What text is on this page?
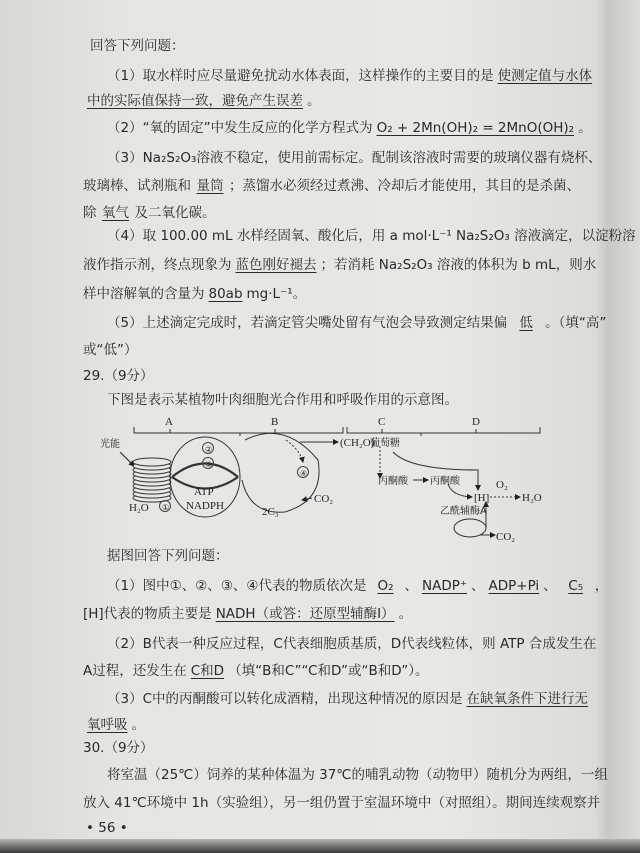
回答下列问题：
（1）取水样时应尽量避免扰动水体表面，这样操作的主要目的是 使测定值与水体
中的实际值保持一致，避免产生误差 。
（2）“氧的固定”中发生反应的化学方程式为 O₂ + 2Mn(OH)₂ = 2MnO(OH)₂ 。
（3）Na₂S₂O₃溶液不稳定，使用前需标定。配制该溶液时需要的玻璃仪器有烧杯、
玻璃棒、试剂瓶和 量筒 ；蒸馏水必须经过煮沸、冷却后才能使用，其目的是杀菌、
除 氧气 及二氧化碳。
（4）取 100.00 mL 水样经固氧、酸化后，用 a mol·L⁻¹ Na₂S₂O₃ 溶液滴定，以淀粉溶
液作指示剂，终点现象为 蓝色刚好褪去 ；若消耗 Na₂S₂O₃ 溶液的体积为 b mL，则水
样中溶解氧的含量为 80ab mg·L⁻¹。
（5）上述滴定完成时，若滴定管尖嘴处留有气泡会导致测定结果偏 低 。（填“高”
或“低”）
29.（9分）
下图是表示某植物叶肉细胞光合作用和呼吸作用的示意图。
据图回答下列问题：
（1）图中①、②、③、④代表的物质依次是 O₂ 、 NADP⁺ 、 ADP+Pi 、 C₅ ，
[H]代表的物质主要是 NADH（或答：还原型辅酶Ⅰ） 。
（2）B代表一种反应过程，C代表细胞质基质，D代表线粒体，则 ATP 合成发生在
A过程，还发生在 C和D （填“B和C”“C和D”或“B和D”）。
（3）C中的丙酮酸可以转化成酒精，出现这种情况的原因是 在缺氧条件下进行无
氧呼吸 。
30.（9分）
将室温（25℃）饲养的某种体温为 37℃的哺乳动物（动物甲）随机分为两组，一组
放入 41℃环境中 1h（实验组），另一组仍置于室温环境中（对照组）。期间连续观察并
• 56 •
A	B	C	D
光能	②
③
①
④
ATP
NADPH
H₂O
CO₂
2C₃
(CH₂O)
葡萄糖
丙酮酸 丙酮酸
[H]
O₂
H₂O
乙酰辅酶A
CO₂
